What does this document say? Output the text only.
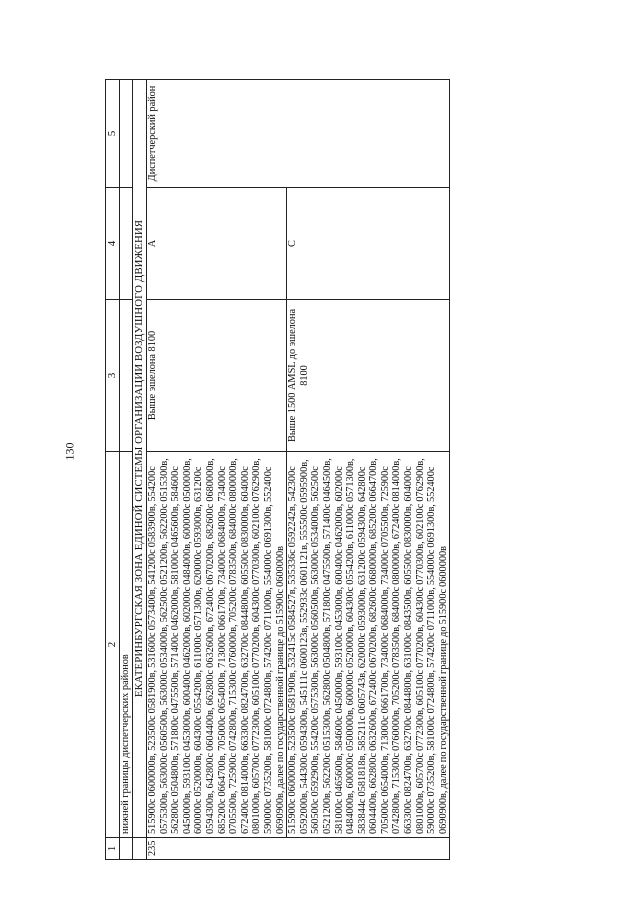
130
1	2	3	4	5
	нижней границы диспетчерских районов			
	ЕКАТЕРИНБУРГСКАЯ ЗОНА ЕДИНОЙ СИСТЕМЫ ОРГАНИЗАЦИИ ВОЗДУШНОГО ДВИЖЕНИЯ			
235	515900с 0600000в, 523500с 0581900в, 531600с 0573400в, 541200с 0583900в, 554200с 0575300в, 563000с 0560500в, 563000с 0534000в, 562500с 0521200в, 562200с 0515300в, 562800с 0504800в, 571800с 0475500в, 571400с 0462000в, 581000с 0465600в, 584600с 0450000в, 593100с 0453000в, 600400с 0462000в, 602000с 0484000в, 600000с 0500000в, 600000с 0520000в, 604300с 0554200в, 611000с 0571300в, 620000с 0593000в, 631200с 0594300в, 642800с 0604400в, 662800с 0632600в, 672400с 0670200в, 682600с 0680000в, 685200с 0664700в, 705000с 0654000в, 713000с 0661700в, 734000с 0684000в, 734000с 0705500в, 725900с 0742800в, 715300с 0760000в, 705200с 0783500в, 684000с 0800000в, 672400с 0814000в, 663300с 0824700в, 632700с 0844800в, 605500с 0830000в, 604000с 0801000в, 605700с 0772300в, 605100с 0770200в, 604300с 0770300в, 602100с 0762900в, 590000с 0735200в, 581000с 0724800в, 574200с 0711000в, 554000с 0691300в, 552400с 0690900в, далее по государственной границе до 515900с 0600000в	Выше эшелона 8100	A	Диспетчерский район
	515900с 0600000в, 523500с 0581900в, 532415с 0584527в, 535336с 0592242в, 542300с 0592000в, 544300с 0594300в, 545111с 0600123в, 552933с 0601121в, 555500с 0595900в, 560500с 0592900в, 554200с 0575300в, 563000с 0560500в, 563000с 0534000в, 562500с 0521200в, 562200с 0515300в, 562800с 0504800в, 571800с 0475500в, 571400с 0464500в, 581000с 0465600в, 584600с 0450000в, 593100с 0453000в, 600400с 0462000в, 602000с 0484000в, 600000с 0500000в, 600000с 0520000в, 604300с 0554200в, 611000с 0571300в, 583844с 0581818в, 585211с 0605743в, 620000с 0593000в, 631200с 0594300в, 642800с 0604400в, 662800с 0632600в, 672400с 0670200в, 682600с 0680000в, 685200с 0664700в, 705000с 0654000в, 713000с 0661700в, 734000с 0684000в, 734000с 0705500в, 725900с 0742800в, 715300с 0760000в, 705200с 0783500в, 684000с 0800000в, 672400с 0814000в, 663300с 0824700в, 632700с 0844800в, 631000с 0843500в, 605500с 0830000в, 604000с 0801000в, 605700с 0772300в, 605100с 0770200в, 604300с 0770300в, 602100с 0762900в, 590000с 0735200в, 581000с 0724800в, 574200с 0711000в, 554000с 0691300в, 552400с 0690900в, далее по государственной границе до 515900с 0600000в	Выше 1500 AMSL до эшелона 8100	C	
